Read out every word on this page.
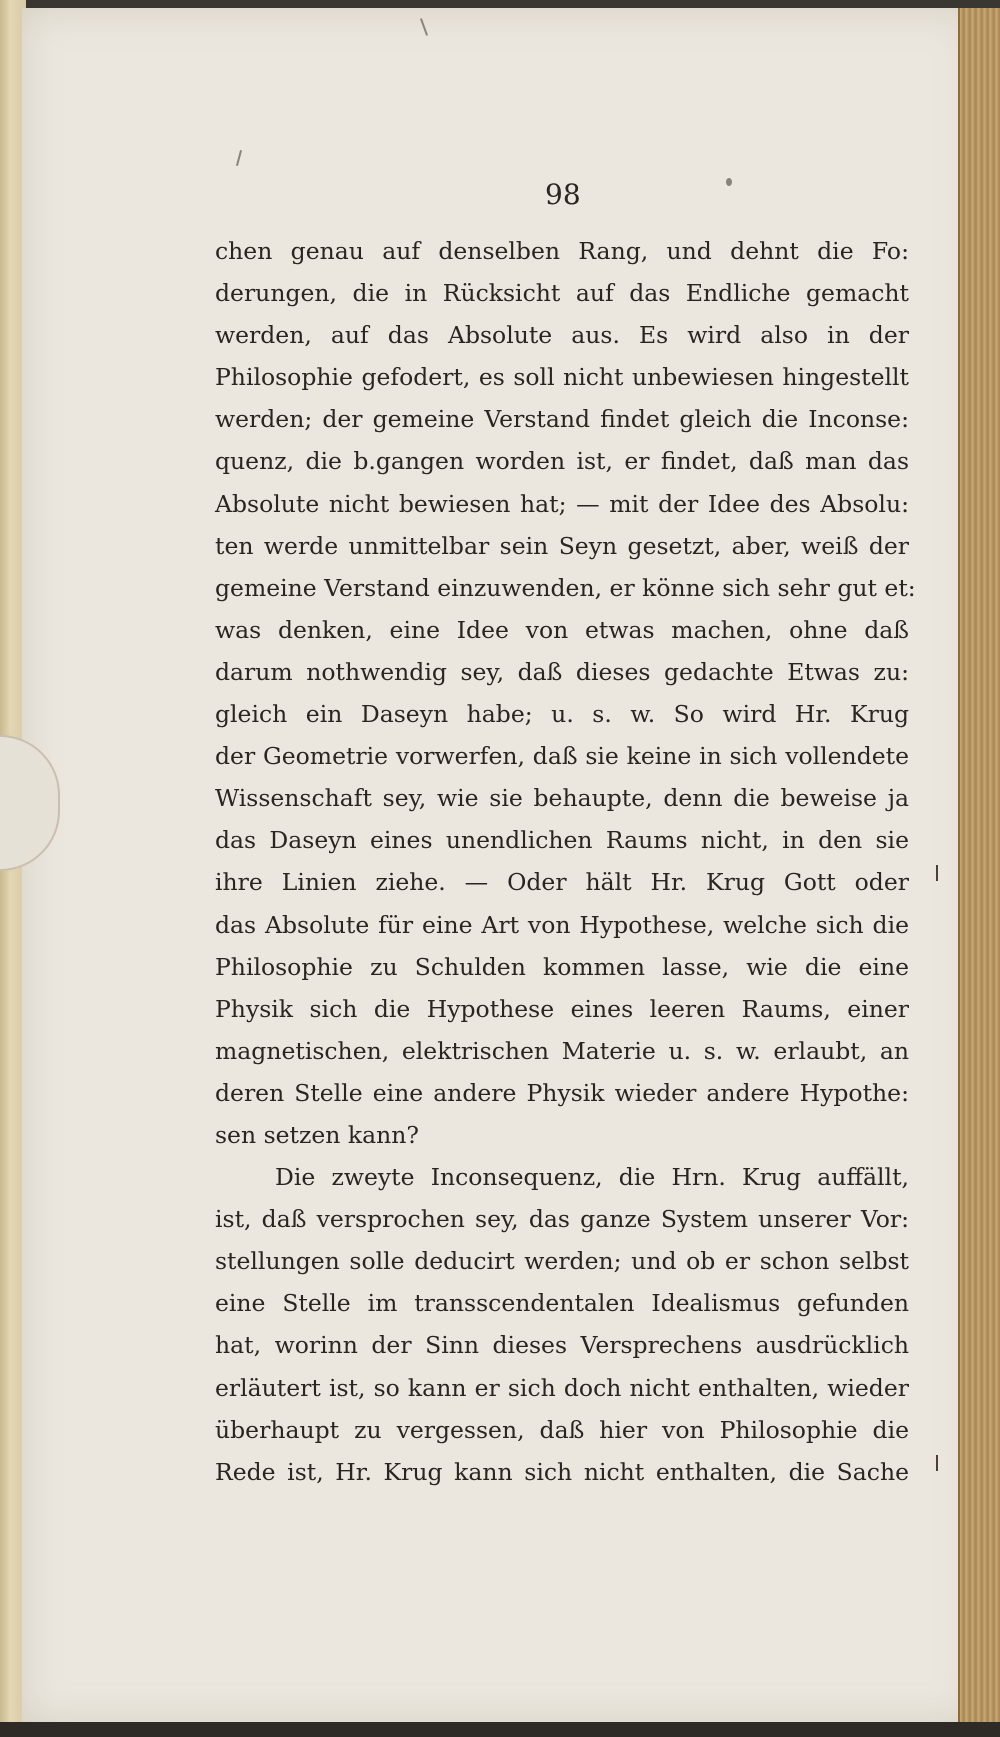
98
chen genau auf denselben Rang, und dehnt die Fo:
derungen, die in Rücksicht auf das Endliche gemacht
werden, auf das Absolute aus. Es wird also in der
Philosophie gefodert, es soll nicht unbewiesen hingestellt
werden; der gemeine Verstand findet gleich die Inconse:
quenz, die b.gangen worden ist, er findet, daß man das
Absolute nicht bewiesen hat; — mit der Idee des Absolu:
ten werde unmittelbar sein Seyn gesetzt, aber, weiß der
gemeine Verstand einzuwenden, er könne sich sehr gut et:
was denken, eine Idee von etwas machen, ohne daß
darum nothwendig sey, daß dieses gedachte Etwas zu:
gleich ein Daseyn habe; u. s. w. So wird Hr. Krug
der Geometrie vorwerfen, daß sie keine in sich vollendete
Wissenschaft sey, wie sie behaupte, denn die beweise ja
das Daseyn eines unendlichen Raums nicht, in den sie
ihre Linien ziehe. — Oder hält Hr. Krug Gott oder
das Absolute für eine Art von Hypothese, welche sich die
Philosophie zu Schulden kommen lasse, wie die eine
Physik sich die Hypothese eines leeren Raums, einer
magnetischen, elektrischen Materie u. s. w. erlaubt, an
deren Stelle eine andere Physik wieder andere Hypothe:
sen setzen kann?
Die zweyte Inconsequenz, die Hrn. Krug auffällt,
ist, daß versprochen sey, das ganze System unserer Vor:
stellungen solle deducirt werden; und ob er schon selbst
eine Stelle im transscendentalen Idealismus gefunden
hat, worinn der Sinn dieses Versprechens ausdrücklich
erläutert ist, so kann er sich doch nicht enthalten, wieder
überhaupt zu vergessen, daß hier von Philosophie die
Rede ist, Hr. Krug kann sich nicht enthalten, die Sache
